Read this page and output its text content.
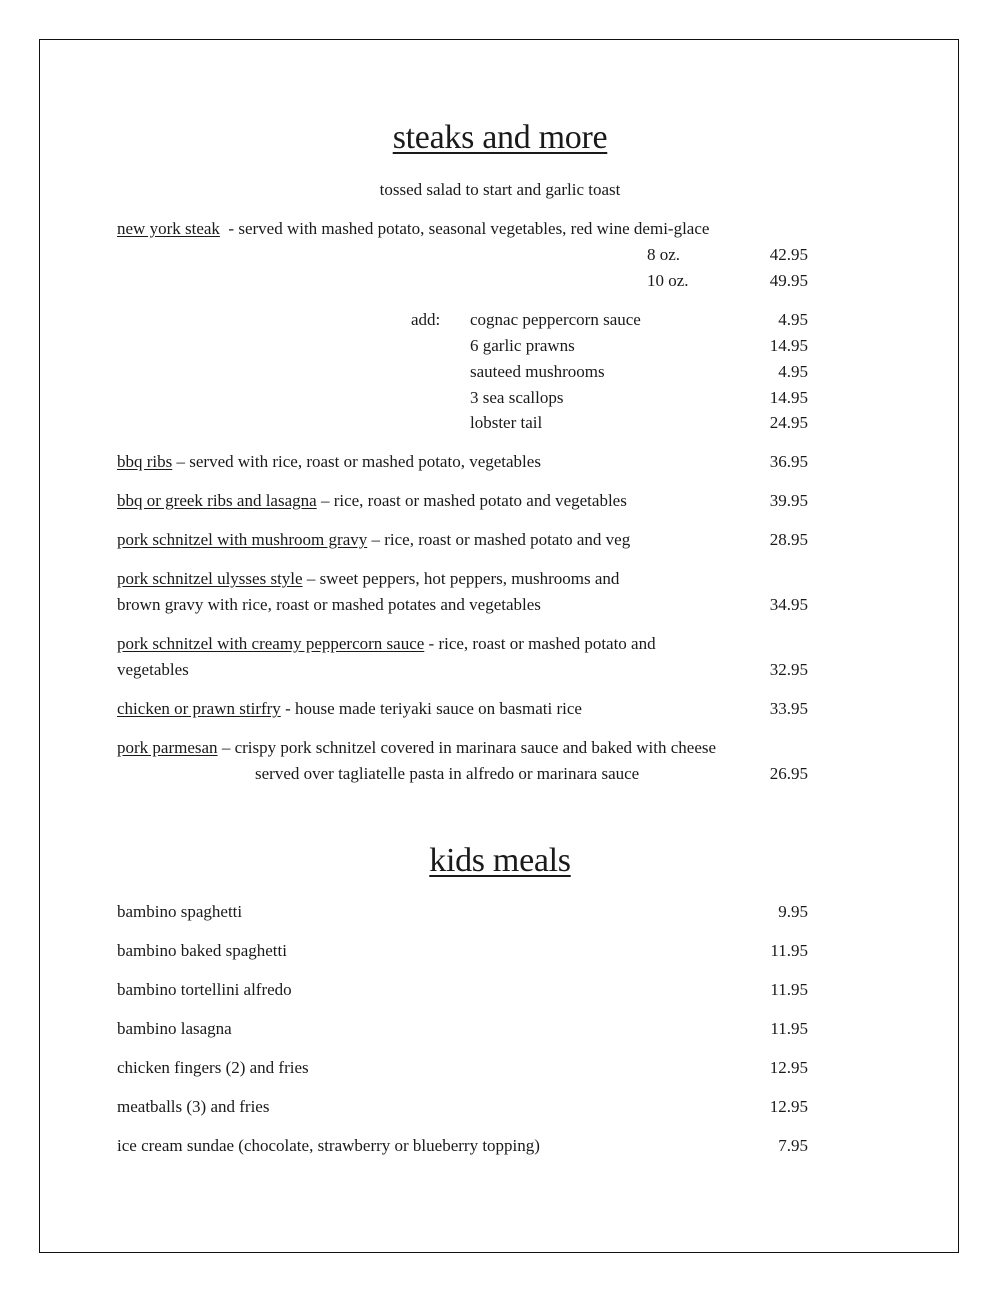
steaks and more
tossed salad to start and garlic toast
new york steak  - served with mashed potato, seasonal vegetables, red wine demi-glace
8 oz.	42.95
10 oz.	49.95
add: cognac peppercorn sauce	4.95
6 garlic prawns	14.95
sauteed mushrooms	4.95
3 sea scallops	14.95
lobster tail	24.95
bbq ribs – served with rice, roast or mashed potato, vegetables	36.95
bbq or greek ribs and lasagna – rice, roast or mashed potato and vegetables	39.95
pork schnitzel with mushroom gravy – rice, roast or mashed potato and veg	28.95
pork schnitzel ulysses style – sweet peppers, hot peppers, mushrooms and
brown gravy with rice, roast or mashed potates and vegetables	34.95
pork schnitzel with creamy peppercorn sauce - rice, roast or mashed potato and
vegetables	32.95
chicken or prawn stirfry - house made teriyaki sauce on basmati rice	33.95
pork parmesan – crispy pork schnitzel covered in marinara sauce and baked with cheese
served over tagliatelle pasta in alfredo or marinara sauce	26.95
kids meals
bambino spaghetti	9.95
bambino baked spaghetti	11.95
bambino tortellini alfredo	11.95
bambino lasagna	11.95
chicken fingers (2) and fries	12.95
meatballs (3) and fries	12.95
ice cream sundae (chocolate, strawberry or blueberry topping)	7.95
